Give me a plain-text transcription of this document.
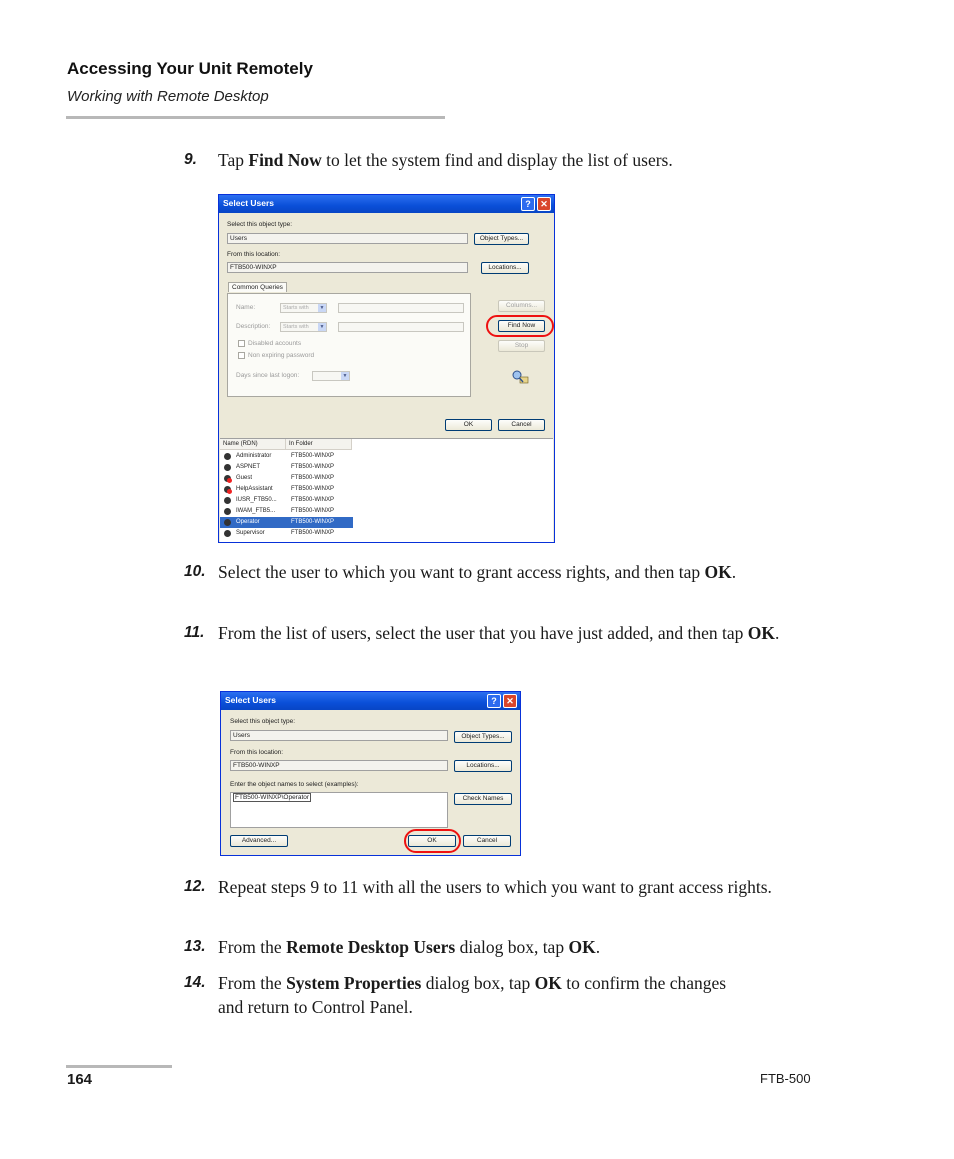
Accessing Your Unit Remotely
Working with Remote Desktop
9. Tap Find Now to let the system find and display the list of users.
Select Users	?	✕
Select this object type:
Users	Object Types...
From this location:
FTB500-WINXP	Locations...
Common Queries
Name:	Starts with	▼
Description:	Starts with	▼
Disabled accounts
Non expiring password
Days since last logon:	▼
Columns...
Find Now
Stop
OK	Cancel
Name (RDN)	In Folder
Administrator	FTB500-WINXP
ASPNET	FTB500-WINXP
Guest	FTB500-WINXP
HelpAssistant	FTB500-WINXP
IUSR_FTB50... FTB500-WINXP
IWAM_FTB5...	FTB500-WINXP
Operator	FTB500-WINXP
Supervisor	FTB500-WINXP
10. Select the user to which you want to grant access rights, and then tap OK.
11. From the list of users, select the user that you have just added, and then tap OK.
Select Users	?	✕
Select this object type:
Users	Object Types...
From this location:
FTB500-WINXP	Locations...
Enter the object names to select (examples):
FTB500-WINXP\Operator	Check Names
Advanced...	OK	Cancel
12. Repeat steps 9 to 11 with all the users to which you want to grant access rights.
13. From the Remote Desktop Users dialog box, tap OK.
14. From the System Properties dialog box, tap OK to confirm the changes and return to Control Panel.
164	FTB-500
